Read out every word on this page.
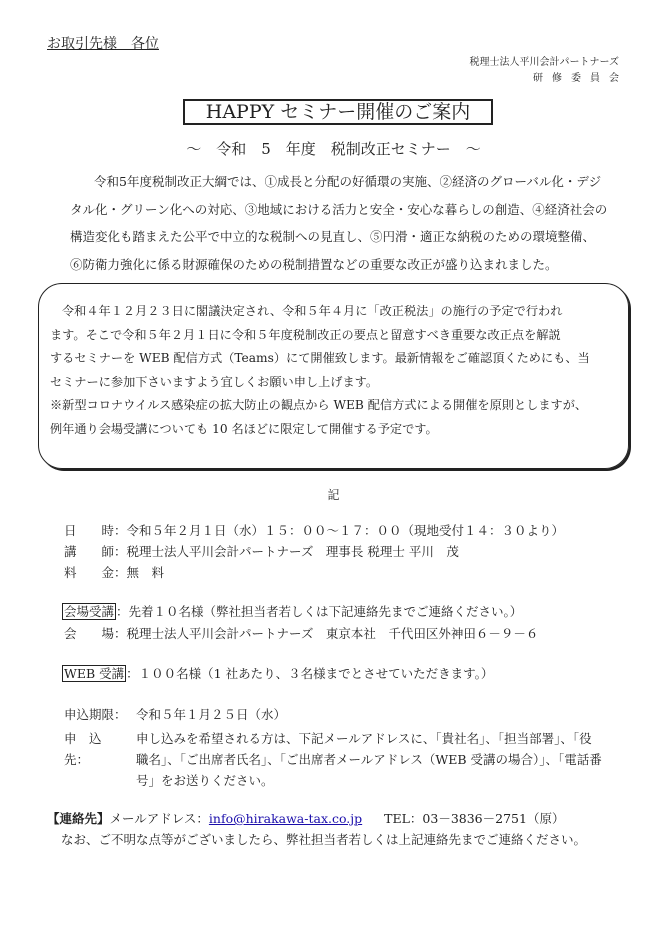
お取引先様　各位
税理士法人平川会計パートナーズ
研修委員会
HAPPY セミナー開催のご案内
～　令和　5　年度　税制改正セミナー　～

令和5年度税制改正大綱では、①成長と分配の好循環の実施、②経済のグローバル化・デジ

タル化・グリーン化への対応、③地域における活力と安全・安心な暮らしの創造、④経済社会の

構造変化も踏まえた公平で中立的な税制への見直し、⑤円滑・適正な納税のための環境整備、

⑥防衛力強化に係る財源確保のための税制措置などの重要な改正が盛り込まれました。

令和４年１２月２３日に閣議決定され、令和５年４月に「改正税法」の施行の予定で行われ

ます。そこで令和５年２月１日に令和５年度税制改正の要点と留意すべき重要な改正点を解説

するセミナーを WEB 配信方式（Teams）にて開催致します。最新情報をご確認頂くためにも、当

セミナーに参加下さいますよう宜しくお願い申し上げます。

※新型コロナウイルス感染症の拡大防止の観点から WEB 配信方式による開催を原則としますが、

例年通り会場受講についても 10 名ほどに限定して開催する予定です。

記
日　　時：令和５年２月１日（水）１５：００～１７：００（現地受付１４：３０より）
講　　師：税理士法人平川会計パートナーズ　理事長 税理士 平川　茂
料　　金：無　料
会場受講 ：先着１０名様（弊社担当者若しくは下記連絡先までご連絡ください。）
会　　場：税理士法人平川会計パートナーズ　東京本社　千代田区外神田６－９－６
WEB 受講 ：１００名様（1 社あたり、３名様までとさせていただきます。）
申込期限： 令和５年１月２５日（水）
申　込　先：
申し込みを希望される方は、下記メールアドレスに、「貴社名」、「担当部署」、「役
職名」、「ご出席者氏名」、「ご出席者メールアドレス（WEB 受講の場合）」、「電話番
号」をお送りください。
【連絡先】メールアドレス：info@hirakawa-tax.co.jp TEL：03－3836－2751（原）
なお、ご不明な点等がございましたら、弊社担当者若しくは上記連絡先までご連絡ください。
